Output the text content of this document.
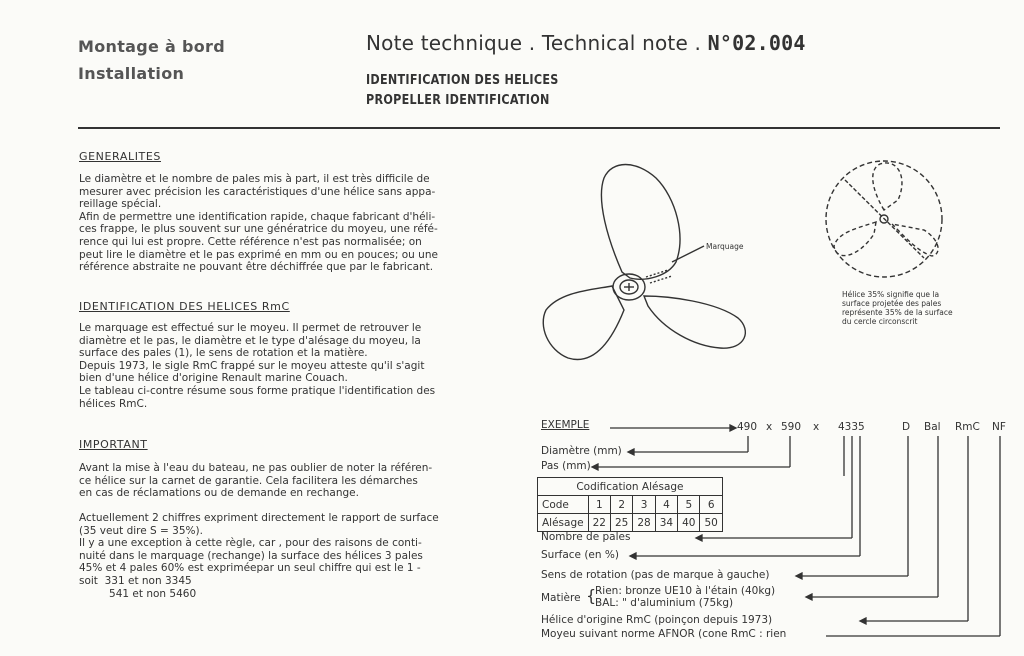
Montage à bord
Installation
Note technique . Technical note . N°02.004
IDENTIFICATION DES HELICES
PROPELLER IDENTIFICATION
GENERALITES
Le diamètre et le nombre de pales mis à part, il est très difficile de
mesurer avec précision les caractéristiques d'une hélice sans appa-
reillage spécial.
Afin de permettre une identification rapide, chaque fabricant d'héli-
ces frappe, le plus souvent sur une génératrice du moyeu, une réfé-
rence qui lui est propre. Cette référence n'est pas normalisée; on
peut lire le diamètre et le pas exprimé en mm ou en pouces; ou une
référence abstraite ne pouvant être déchiffrée que par le fabricant.
IDENTIFICATION DES HELICES RmC
Le marquage est effectué sur le moyeu. Il permet de retrouver le
diamètre et le pas, le diamètre et le type d'alésage du moyeu, la
surface des pales (1), le sens de rotation et la matière.
Depuis 1973, le sigle RmC frappé sur le moyeu atteste qu'il s'agit
bien d'une hélice d'origine Renault marine Couach.
Le tableau ci-contre résume sous forme pratique l'identification des
hélices RmC.
IMPORTANT
Avant la mise à l'eau du bateau, ne pas oublier de noter la référen-
ce hélice sur la carnet de garantie. Cela facilitera les démarches
en cas de réclamations ou de demande en rechange.
Actuellement 2 chiffres expriment directement le rapport de surface
(35 veut dire S = 35%).
Il y a une exception à cette règle, car , pour des raisons de conti-
nuité dans le marquage (rechange) la surface des hélices 3 pales
45% et 4 pales 60% est expriméepar un seul chiffre qui est le 1 -
soit  331 et non 3345
541 et non 5460
Marquage
Hélice 35% signifie que la
surface projetée des pales
représente 35% de la surface
du cercle circonscrit
EXEMPLE	490 x 590 x 4335	D Bal RmC NF
Diamètre (mm)
Pas (mm)
Codification Alésage						
Code	1	2	3	4	5	6
Alésage	22	25	28	34	40	50
Nombre de pales
Surface (en %)
Sens de rotation (pas de marque à gauche)
Matière {
Rien: bronze UE10 à l'étain (40kg)
BAL: " d'aluminium (75kg)
Hélice d'origine RmC (poinçon depuis 1973)
Moyeu suivant norme AFNOR (cone RmC : rien
